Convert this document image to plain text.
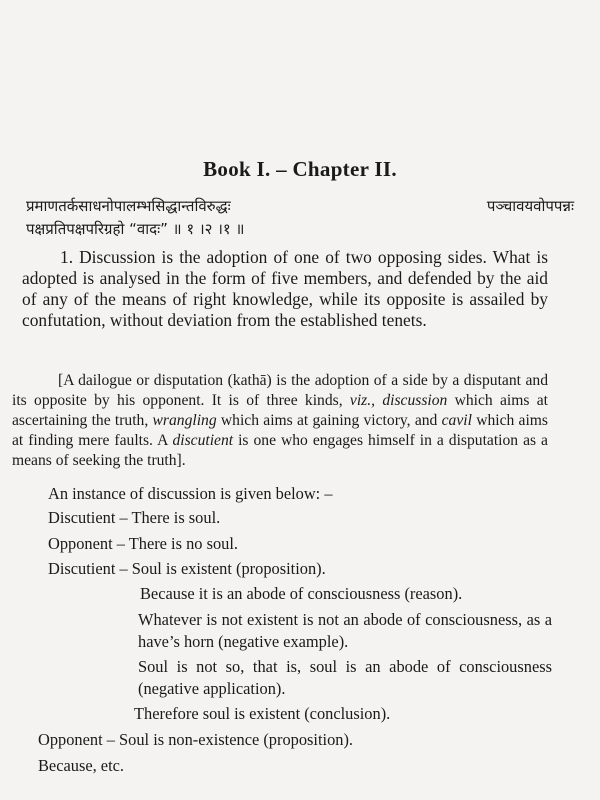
Book I. – Chapter II.
प्रमाणतर्कसाधनोपालम्भसिद्धान्तविरुद्धः	पञ्चावयवोपपन्नः
पक्षप्रतिपक्षपरिग्रहो “वादः” ॥ १ ।२ ।१ ॥

1. Discussion is the adoption of one of two opposing sides. What is adopted is analysed in the form of five members, and defended by the aid of any of the means of right knowledge, while its opposite is assailed by confutation, without deviation from the established tenets.

[A dailogue or disputation (kathā) is the adoption of a side by a disputant and its opposite by his opponent. It is of three kinds, viz., discussion which aims at ascertaining the truth, wrangling which aims at gaining victory, and cavil which aims at finding mere faults. A discutient is one who engages himself in a disputation as a means of seeking the truth].

An instance of discussion is given below: –
Discutient – There is soul.
Opponent – There is no soul.
Discutient – Soul is existent (proposition).
Because it is an abode of consciousness (reason).

Whatever is not existent is not an abode of consciousness, as a have’s horn (negative example).

Soul is not so, that is, soul is an abode of consciousness (negative application).

Therefore soul is existent (conclusion).
Opponent – Soul is non-existence (proposition).
Because, etc.
